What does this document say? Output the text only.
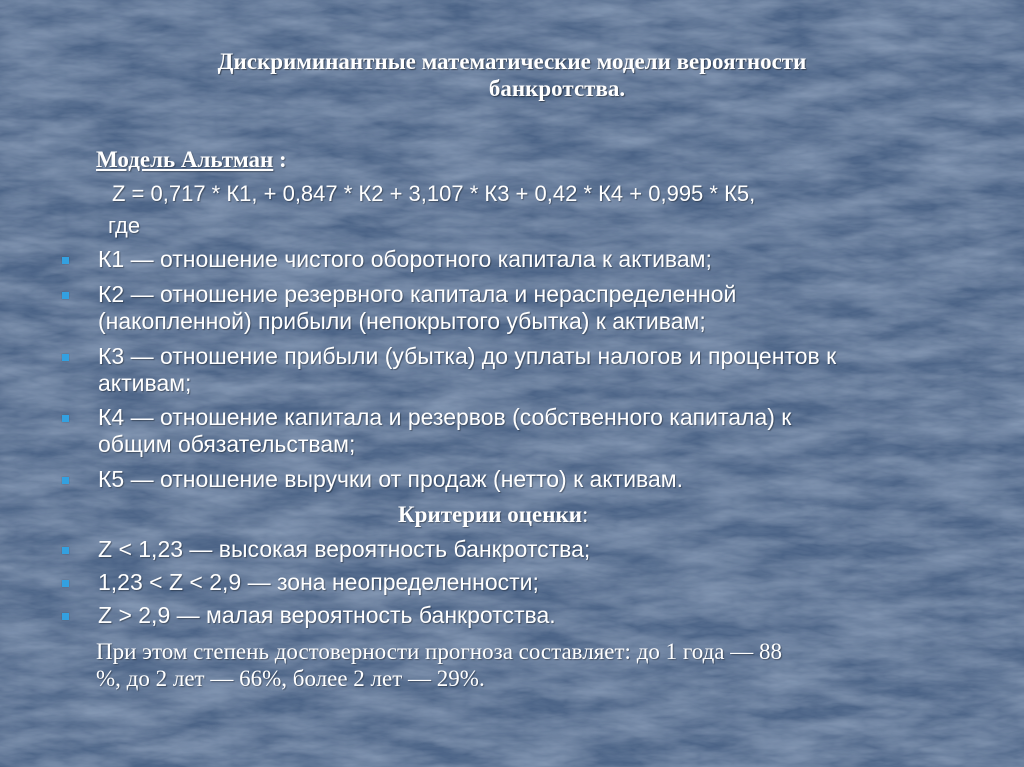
Дискриминантные математические модели вероятности
банкротства.
Модель Альтман :
Z = 0,717 * К1, + 0,847 * К2 + 3,107 * К3 + 0,42 * К4 + 0,995 * К5,
где
К1 — отношение чистого оборотного капитала к активам;
К2 — отношение резервного капитала и нераспределенной
(накопленной) прибыли (непокрытого убытка) к активам;
К3 — отношение прибыли (убытка) до уплаты налогов и процентов к
активам;
К4 — отношение капитала и резервов (собственного капитала) к
общим обязательствам;
К5 — отношение выручки от продаж (нетто) к активам.
Критерии оценки:
Z < 1,23 — высокая вероятность банкротства;
1,23 < Z < 2,9 — зона неопределенности;
Z > 2,9 — малая вероятность банкротства.
При этом степень достоверности прогноза составляет: до 1 года — 88
%, до 2 лет — 66%, более 2 лет — 29%.
